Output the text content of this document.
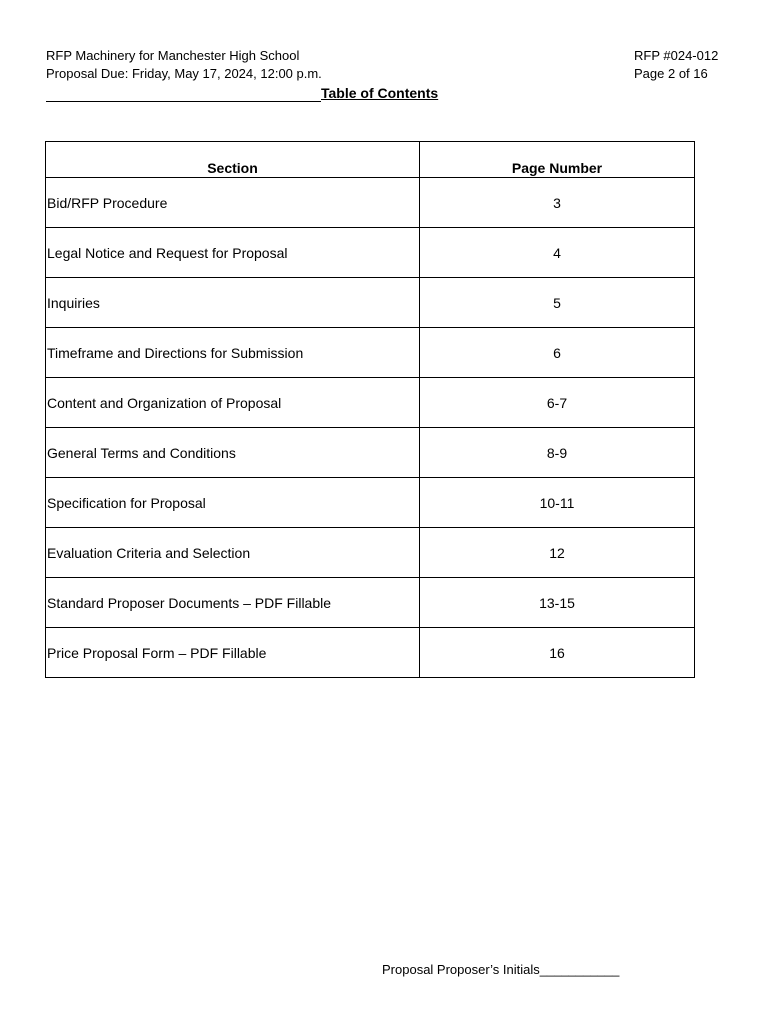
RFP Machinery for Manchester High School
Proposal Due: Friday, May 17, 2024, 12:00 p.m.
RFP #024-012
Page 2 of 16
Table of Contents
Section	Page Number
Bid/RFP Procedure	3
Legal Notice and Request for Proposal	4
Inquiries	5
Timeframe and Directions for Submission	6
Content and Organization of Proposal	6-7
General Terms and Conditions	8-9
Specification for Proposal	10-11
Evaluation Criteria and Selection	12
Standard Proposer Documents – PDF Fillable	13-15
Price Proposal Form – PDF Fillable	16
Proposal Proposer’s Initials___________
